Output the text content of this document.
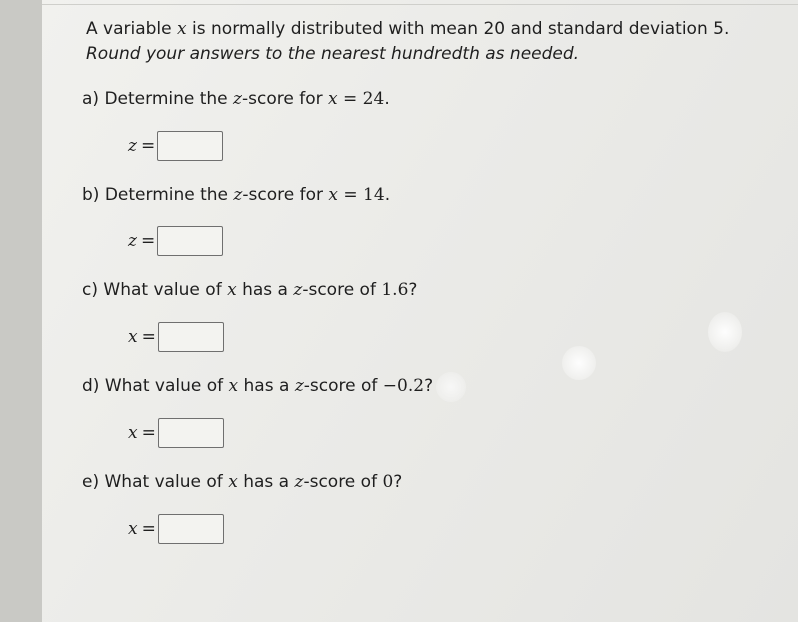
A variable x is normally distributed with mean 20 and standard deviation 5.
Round your answers to the nearest hundredth as needed.
a) Determine the z-score for x = 24.
z =
b) Determine the z-score for x = 14.
z =
c) What value of x has a z-score of 1.6?
x =
d) What value of x has a z-score of −0.2?
x =
e) What value of x has a z-score of 0?
x =
